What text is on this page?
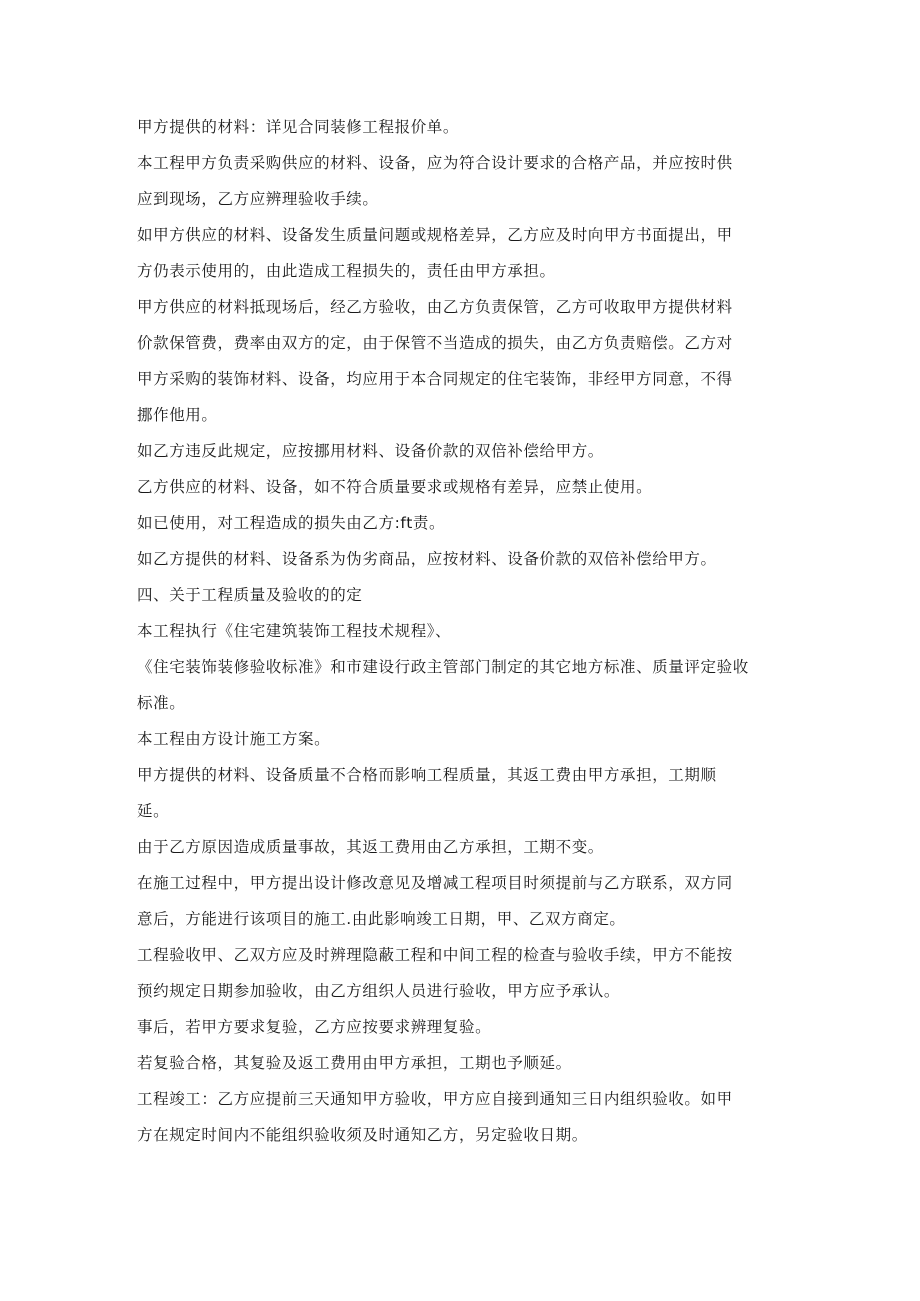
甲方提供的材料：详见合同装修工程报价单。
本工程甲方负责采购供应的材料、设备，应为符合设计要求的合格产品，并应按时供
应到现场，乙方应辨理验收手续。
如甲方供应的材料、设备发生质量问题或规格差异，乙方应及时向甲方书面提出，甲
方仍表示使用的，由此造成工程损失的，责任由甲方承担。
甲方供应的材料抵现场后，经乙方验收，由乙方负责保管，乙方可收取甲方提供材料
价款保管费，费率由双方的定，由于保管不当造成的损失，由乙方负责赔偿。乙方对
甲方采购的装饰材料、设备，均应用于本合同规定的住宅装饰，非经甲方同意，不得
挪作他用。
如乙方违反此规定，应按挪用材料、设备价款的双倍补偿给甲方。
乙方供应的材料、设备，如不符合质量要求或规格有差异，应禁止使用。
如已使用，对工程造成的损失由乙方:ft责。
如乙方提供的材料、设备系为伪劣商品，应按材料、设备价款的双倍补偿给甲方。
四、关于工程质量及验收的的定
本工程执行《住宅建筑装饰工程技术规程》、
《住宅装饰装修验收标准》和市建设行政主管部门制定的其它地方标准、质量评定验收
标准。
本工程由方设计施工方案。
甲方提供的材料、设备质量不合格而影响工程质量，其返工费由甲方承担，工期顺
延。
由于乙方原因造成质量事故，其返工费用由乙方承担，工期不变。
在施工过程中，甲方提出设计修改意见及增减工程项目时须提前与乙方联系，双方同
意后，方能进行该项目的施工.由此影响竣工日期，甲、乙双方商定。
工程验收甲、乙双方应及时辨理隐蔽工程和中间工程的检查与验收手续，甲方不能按
预约规定日期参加验收，由乙方组织人员进行验收，甲方应予承认。
事后，若甲方要求复验，乙方应按要求辨理复验。
若复验合格，其复验及返工费用由甲方承担，工期也予顺延。
工程竣工：乙方应提前三天通知甲方验收，甲方应自接到通知三日内组织验收。如甲
方在规定时间内不能组织验收须及时通知乙方，另定验收日期。
